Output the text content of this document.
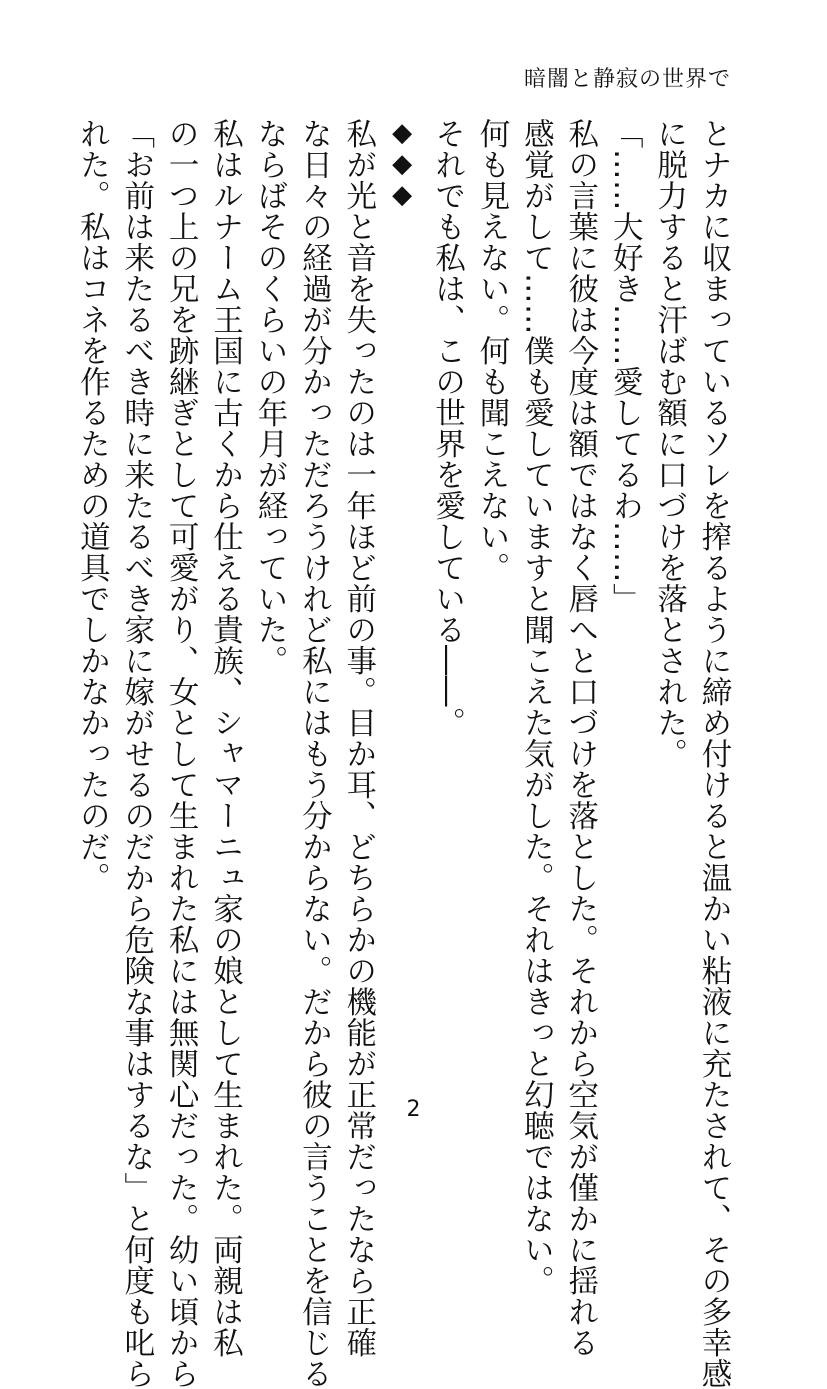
暗闇と静寂の世界で
とナカに収まっているソレを搾るように締め付けると温かい粘液に充たされて、その多幸感
に脱力すると汗ばむ額に口づけを落とされた。
「……大好き……愛してるわ……」
私の言葉に彼は今度は額ではなく唇へと口づけを落とした。それから空気が僅かに揺れる
感覚がして……僕も愛していますと聞こえた気がした。それはきっと幻聴ではない。
何も見えない。何も聞こえない。
それでも私は、この世界を愛している――。
◆◆◆
私が光と音を失ったのは一年ほど前の事。目か耳、どちらかの機能が正常だったなら正確
な日々の経過が分かっただろうけれど私にはもう分からない。だから彼の言うことを信じる
ならばそのくらいの年月が経っていた。
私はルナーム王国に古くから仕える貴族、シャマーニュ家の娘として生まれた。両親は私
の一つ上の兄を跡継ぎとして可愛がり、女として生まれた私には無関心だった。幼い頃から
「お前は来たるべき時に来たるべき家に嫁がせるのだから危険な事はするな」と何度も叱ら
れた。私はコネを作るための道具でしかなかったのだ。
2
